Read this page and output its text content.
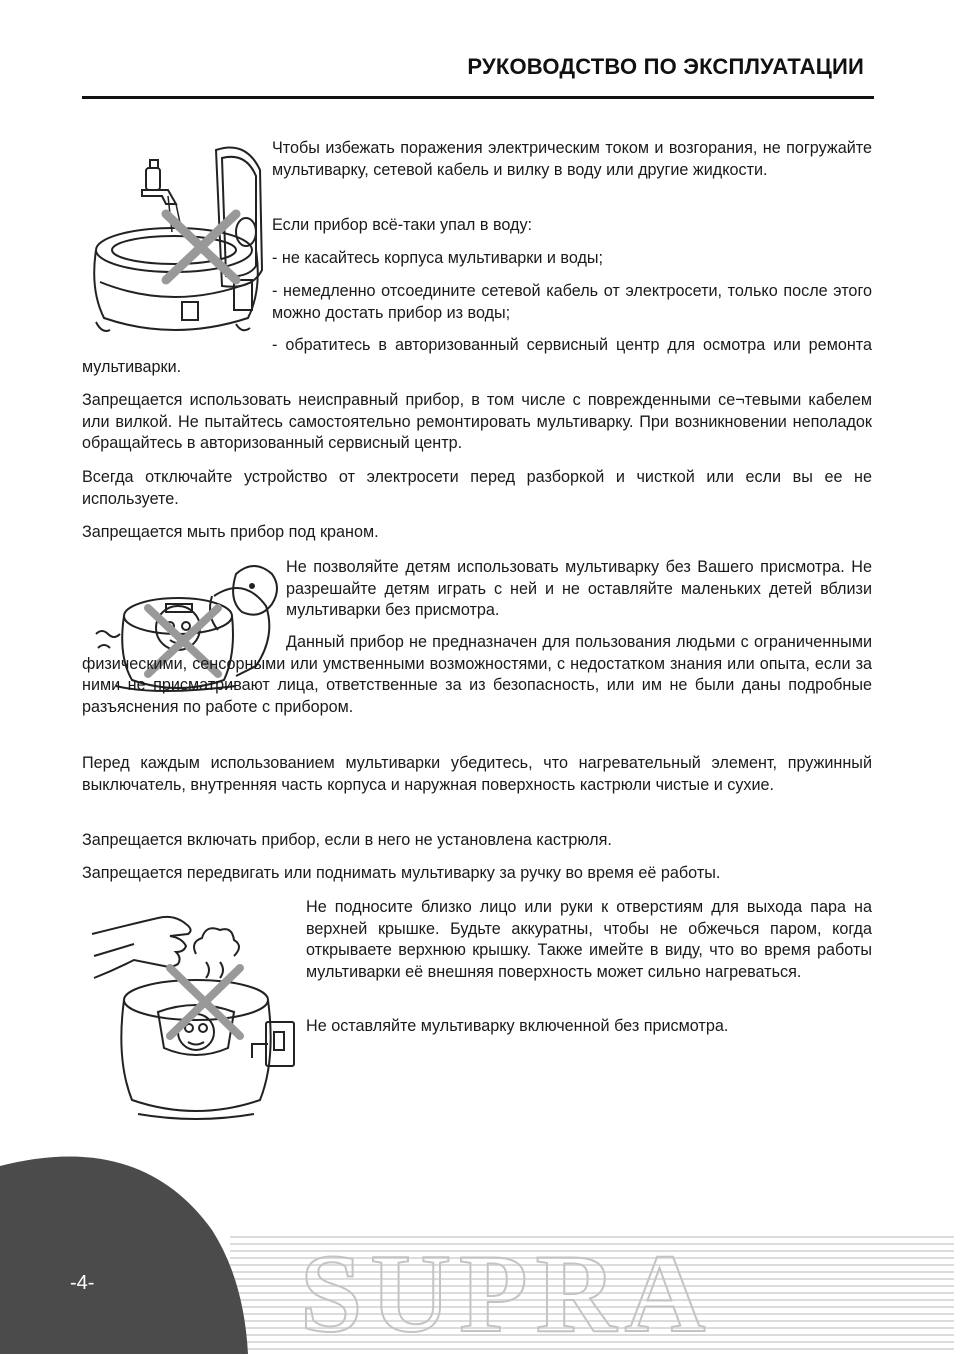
РУКОВОДСТВО ПО ЭКСПЛУАТАЦИИ

Чтобы избежать поражения электрическим током и возгорания, не погружайте мультиварку, сетевой кабель и вилку в воду или другие жидкости.

Если прибор всё-таки упал в воду:

- не касайтесь корпуса мультиварки и воды;

- немедленно отсоедините сетевой кабель от электросети, только после этого можно достать прибор из воды;

- обратитесь в авторизованный сервисный центр для осмотра или ремонта мультиварки.

Запрещается использовать неисправный прибор, в том числе с поврежденными се¬тевыми кабелем или вилкой. Не пытайтесь самостоятельно ремонтировать мультиварку. При возникновении неполадок обращайтесь в авторизованный сервисный центр.

Всегда отключайте устройство от электросети перед разборкой и чисткой или если вы ее не используете.

Запрещается мыть прибор под краном.

Не позволяйте детям использовать мультиварку без Вашего присмотра. Не разрешайте детям играть с ней и не оставляйте маленьких детей вблизи мультиварки без присмотра.

Данный прибор не предназначен для пользования людьми с ограниченными физическими, сенсорными или умственными возможностями, с недостатком знания или опыта, если за ними не присматривают лица, ответственные за из безопасность, или им не были даны подробные разъяснения по работе с прибором.

Перед каждым использованием мультиварки убедитесь, что нагревательный элемент, пружинный выключатель, внутренняя часть корпуса и наружная поверхность кастрюли чистые и сухие.

Запрещается включать прибор, если в него не установлена кастрюля.

Запрещается передвигать или поднимать мультиварку за ручку во время её работы.

Не подносите близко лицо или руки к отверстиям для выхода пара на верхней крышке. Будьте аккуратны, чтобы не обжечься паром, когда открываете верхнюю крышку. Также имейте в виду, что во время работы мультиварки её внешняя поверхность может сильно нагреваться.

Не оставляйте мультиварку включенной без присмотра.

SUPRA
-4-
